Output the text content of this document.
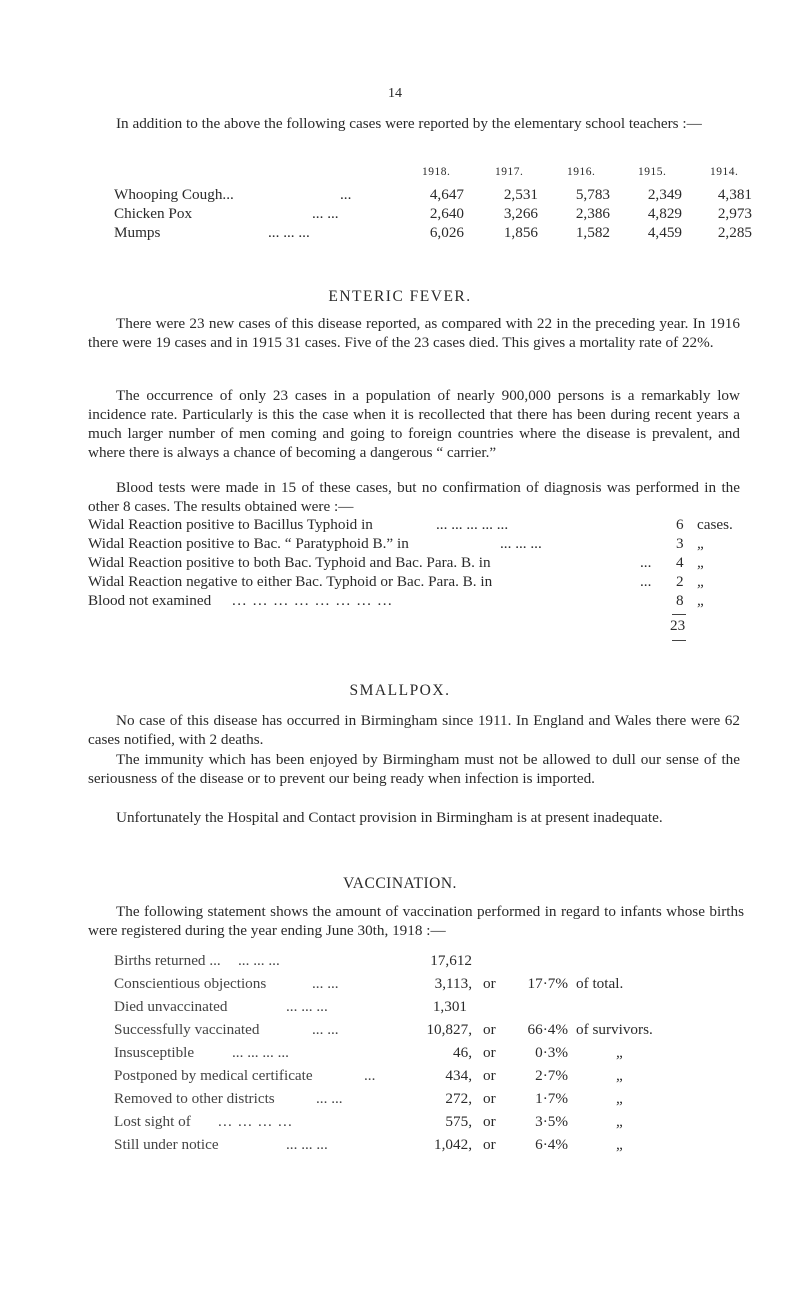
14
In addition to the above the following cases were reported by the elementary school teachers :—
1918.	1917.	1916.	1915.	1914.
Whooping Cough...	...	4,647	2,531	5,783	2,349	4,381
Chicken Pox	... ...	2,640	3,266	2,386	4,829	2,973
Mumps	... ... ...	6,026	1,856	1,582	4,459	2,285
ENTERIC FEVER.
There were 23 new cases of this disease reported, as compared with 22 in the preceding year. In 1916 there were 19 cases and in 1915 31 cases. Five of the 23 cases died. This gives a mortality rate of 22%.
The occurrence of only 23 cases in a population of nearly 900,000 persons is a remarkably low incidence rate. Particularly is this the case when it is recollected that there has been during recent years a much larger number of men coming and going to foreign countries where the disease is prevalent, and where there is always a chance of becoming a dangerous “ carrier.”
Blood tests were made in 15 of these cases, but no confirmation of diagnosis was performed in the other 8 cases. The results obtained were :—
Widal Reaction positive to Bacillus Typhoid in	... ... ... ... ...	6 cases.
Widal Reaction positive to Bac. “ Paratyphoid B.” in	... ... ...	3 „
Widal Reaction positive to both Bac. Typhoid and Bac. Para. B. in	... 4 „
Widal Reaction negative to either Bac. Typhoid or Bac. Para. B. in	... 2 „
Blood not examined ... ... ... ... ... ... ... ...	8 „
23
SMALLPOX.
No case of this disease has occurred in Birmingham since 1911. In England and Wales there were 62 cases notified, with 2 deaths.
The immunity which has been enjoyed by Birmingham must not be allowed to dull our sense of the seriousness of the disease or to prevent our being ready when infection is imported.
Unfortunately the Hospital and Contact provision in Birmingham is at present inadequate.
VACCINATION.
The following statement shows the amount of vaccination performed in regard to infants whose births were registered during the year ending June 30th, 1918 :—
Births returned ... ... ... ...	17,612
Conscientious objections	... ...	3,113, or	17·7% of total.
Died unvaccinated	... ... ...	1,301
Successfully vaccinated	... ...	10,827, or	66·4% of survivors.
Insusceptible ... ... ... ...	46, or	0·3%	„
Postponed by medical certificate	...	434, or	2·7%	„
Removed to other districts	... ...	272, or	1·7%	„
Lost sight of ... ... ... ...	575, or	3·5%	„
Still under notice	... ... ...	1,042, or	6·4%	„
